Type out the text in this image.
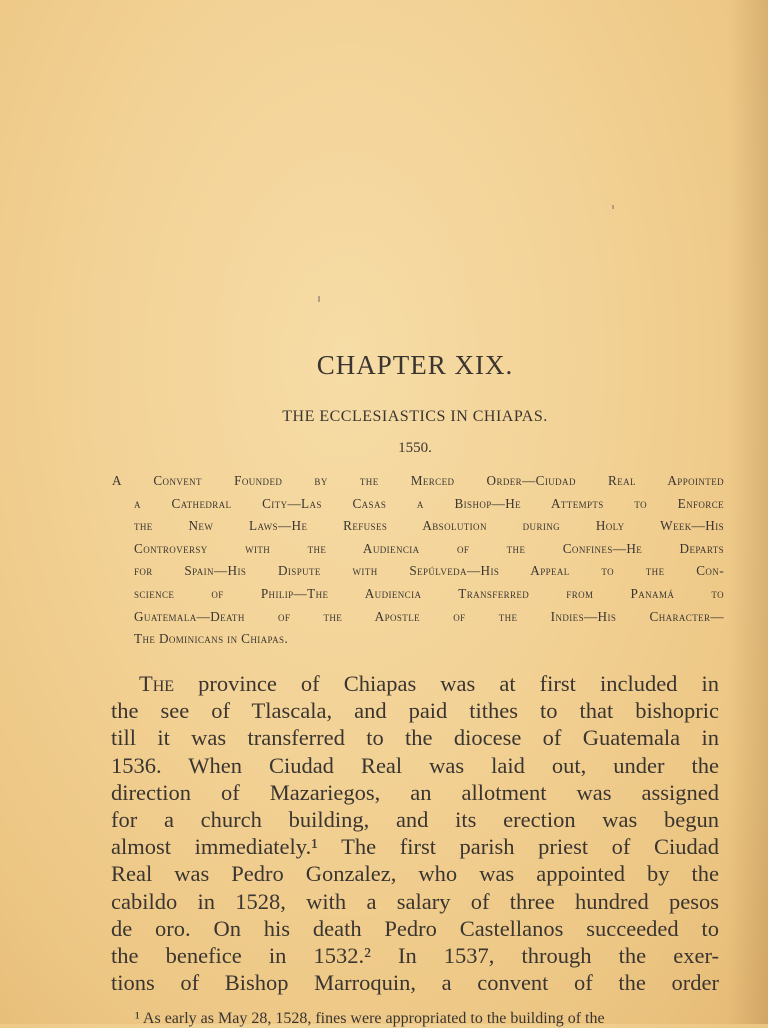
CHAPTER XIX.
THE ECCLESIASTICS IN CHIAPAS.
1550.
A Convent Founded by the Merced Order—Ciudad Real Appointed
a Cathedral City—Las Casas a Bishop—He Attempts to Enforce
the New Laws—He Refuses Absolution during Holy Week—His
Controversy with the Audiencia of the Confines—He Departs
for Spain—His Dispute with Sepúlveda—His Appeal to the Con-
science of Philip—The Audiencia Transferred from Panamá to
Guatemala—Death of the Apostle of the Indies—His Character—
The Dominicans in Chiapas.
The province of Chiapas was at first included in
the see of Tlascala, and paid tithes to that bishopric
till it was transferred to the diocese of Guatemala in
1536. When Ciudad Real was laid out, under the
direction of Mazariegos, an allotment was assigned
for a church building, and its erection was begun
almost immediately.¹ The first parish priest of Ciudad
Real was Pedro Gonzalez, who was appointed by the
cabildo in 1528, with a salary of three hundred pesos
de oro. On his death Pedro Castellanos succeeded to
the benefice in 1532.² In 1537, through the exer-
tions of Bishop Marroquin, a convent of the order
¹ As early as May 28, 1528, fines were appropriated to the building of the
